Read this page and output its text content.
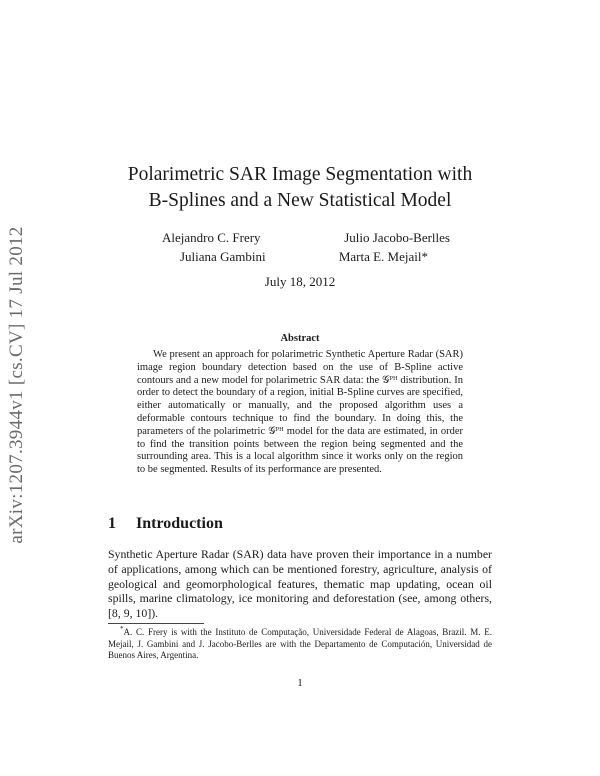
arXiv:1207.3944v1 [cs.CV] 17 Jul 2012
Polarimetric SAR Image Segmentation with
B-Splines and a New Statistical Model
Alejandro C. Frery	Julio Jacobo-Berlles
Juliana Gambini	Marta E. Mejail*
July 18, 2012
Abstract
We present an approach for polarimetric Synthetic Aperture Radar (SAR) image region boundary detection based on the use of B-Spline active contours and a new model for polarimetric SAR data: the 𝒢ᴾᴴ distribution. In order to detect the boundary of a region, initial B-Spline curves are specified, either automatically or manually, and the proposed algorithm uses a deformable contours technique to find the boundary. In doing this, the parameters of the polarimetric 𝒢ᴾᴴ model for the data are estimated, in order to find the transition points between the region being segmented and the surrounding area. This is a local algorithm since it works only on the region to be segmented. Results of its performance are presented.
1 Introduction
Synthetic Aperture Radar (SAR) data have proven their importance in a number of applications, among which can be mentioned forestry, agriculture, analysis of geological and geomorphological features, thematic map updating, ocean oil spills, marine climatology, ice monitoring and deforestation (see, among others, [8, 9, 10]).
*A. C. Frery is with the Instituto de Computação, Universidade Federal de Alagoas, Brazil. M. E. Mejail, J. Gambini and J. Jacobo-Berlles are with the Departamento de Computación, Universidad de Buenos Aires, Argentina.
1
